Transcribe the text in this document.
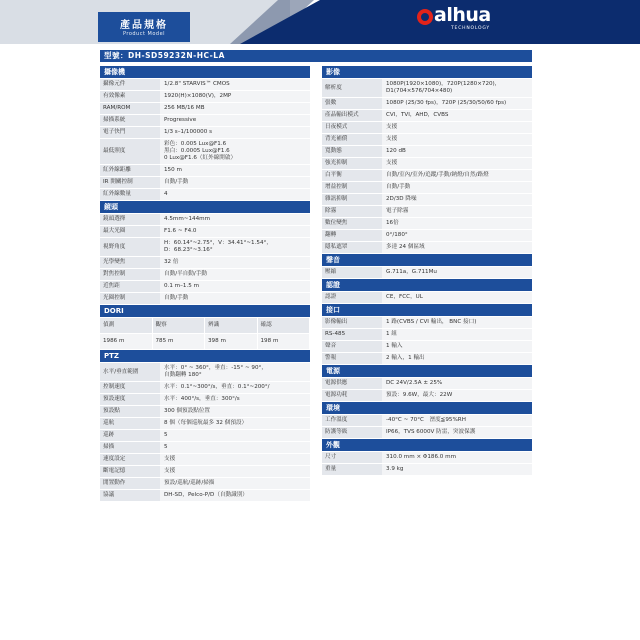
產品規格
Product Model
alhua
TECHNOLOGY
型號：DH-SD59232N-HC-LA
攝像機
攝像元件	1/2.8" STARVIS™ CMOS
有效像素	1920(H)×1080(V)，2MP
RAM/ROM	256 MB/16 MB
掃描系統	Progressive
電子快門	1/3 s–1/100000 s
最低照度
彩色：0.005 Lux@F1.6
黑白：0.0005 Lux@F1.6
0 Lux@F1.6（紅外線開啟）
紅外線距離	150 m
IR 開關控制	自動/手動
紅外線數量	4
鏡頭
鏡頭選擇	4.5mm~144mm
最大光圈	F1.6 ~ F4.0
視野角度
H：60.14°~2.75°，V：34.41°~1.54°，
D：68.23°~3.16°
光學變焦	32 倍
對焦控制	自動/半自動/手動
近焦距	0.1 m–1.5 m
光圈控制	自動/手動
DORI
偵測	觀察	辨識	確認
1986 m	785 m	398 m	198 m
PTZ
水平/垂直範圍
水平：0° ~ 360°，垂直：-15° ~ 90°，
自動翻轉 180°
控制速度	水平：0.1°~300°/s，垂直：0.1°~200°/
預設速度	水平：400°/s，垂直：300°/s
預設點	300 個預設點位置
巡航	8 個（每個巡航最多 32 個預設）
巡跡	5
掃描	5
速度設定	支援
斷電記憶	支援
閒置動作	預設/巡航/巡跡/掃描
協議	DH-SD，Pelco-P/D（自動識別）
影像
解析度
1080P(1920×1080)，720P(1280×720)，
D1(704×576/704×480)
張數	1080P (25/30 fps)，720P (25/30/50/60 fps)
產品輸出模式	CVI，TVI，AHD，CVBS
日夜模式	支援
背光補償	支援
寬動態	120 dB
強光抑制	支援
白平衡	自動/室內/室外/追蹤/手動/鈉燈/自然/路燈
增益控制	自動/手動
雜訊抑制	2D/3D 降噪
除霧	電子除霧
數位變焦	16倍
翻轉	0°/180°
隱私遮罩	多達 24 個區域
聲音
壓縮	G.711a，G.711Mu
認證
認證	CE，FCC，UL
接口
影像輸出	1 路(CVBS / CVI 輸出， BNC 接口)
RS-485	1 組
聲音	1 輸入
警報	2 輸入，1 輸出
電源
電源供應	DC 24V/2.5A ± 25%
電源功耗	預設：9.6W，最大：22W
環境
工作溫度	-40°C ~ 70°C　溼度≦95%RH
防護等級	IP66，TVS 6000V 防雷，突波保護
外觀
尺寸	310.0 mm × Φ186.0 mm
重量	3.9 kg
